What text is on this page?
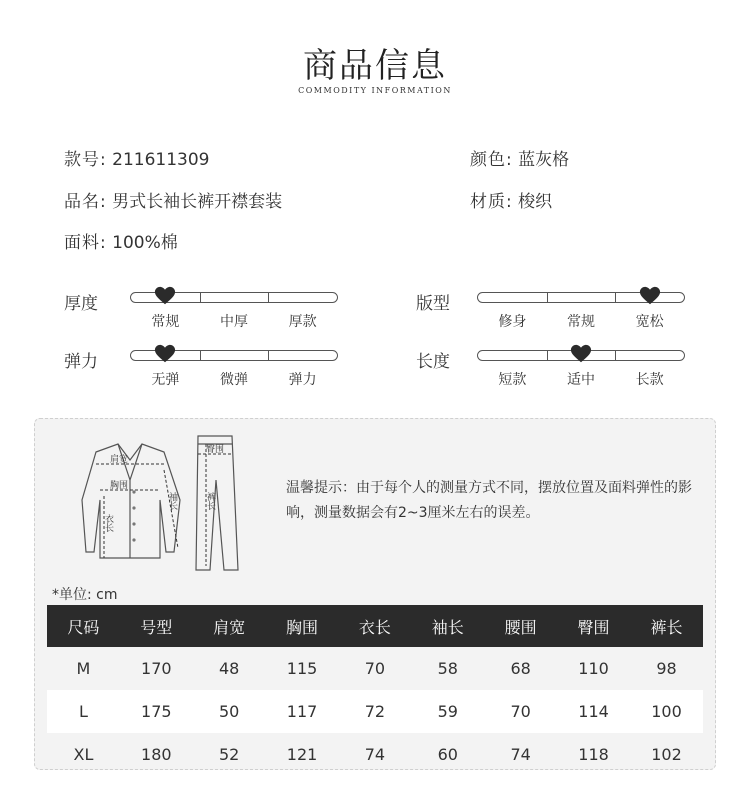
商品信息
COMMODITY INFORMATION
款号: 211611309	颜色: 蓝灰格
品名: 男式长袖长裤开襟套装	材质: 梭织
面料: 100%棉
厚度
常规	中厚	厚款
版型
修身	常规	宽松
弹力
无弹	微弹	弹力
长度
短款	适中	长款
肩宽
胸围
衣长
袖长
臀围
裤长
温馨提示：由于每个人的测量方式不同，摆放位置及面料弹性的影响，测量数据会有2~3厘米左右的误差。
*单位: cm
尺码	号型	肩宽	胸围	衣长	袖长	腰围	臀围	裤长
M	170	48	115	70	58	68	110	98
L	175	50	117	72	59	70	114	100
XL	180	52	121	74	60	74	118	102
